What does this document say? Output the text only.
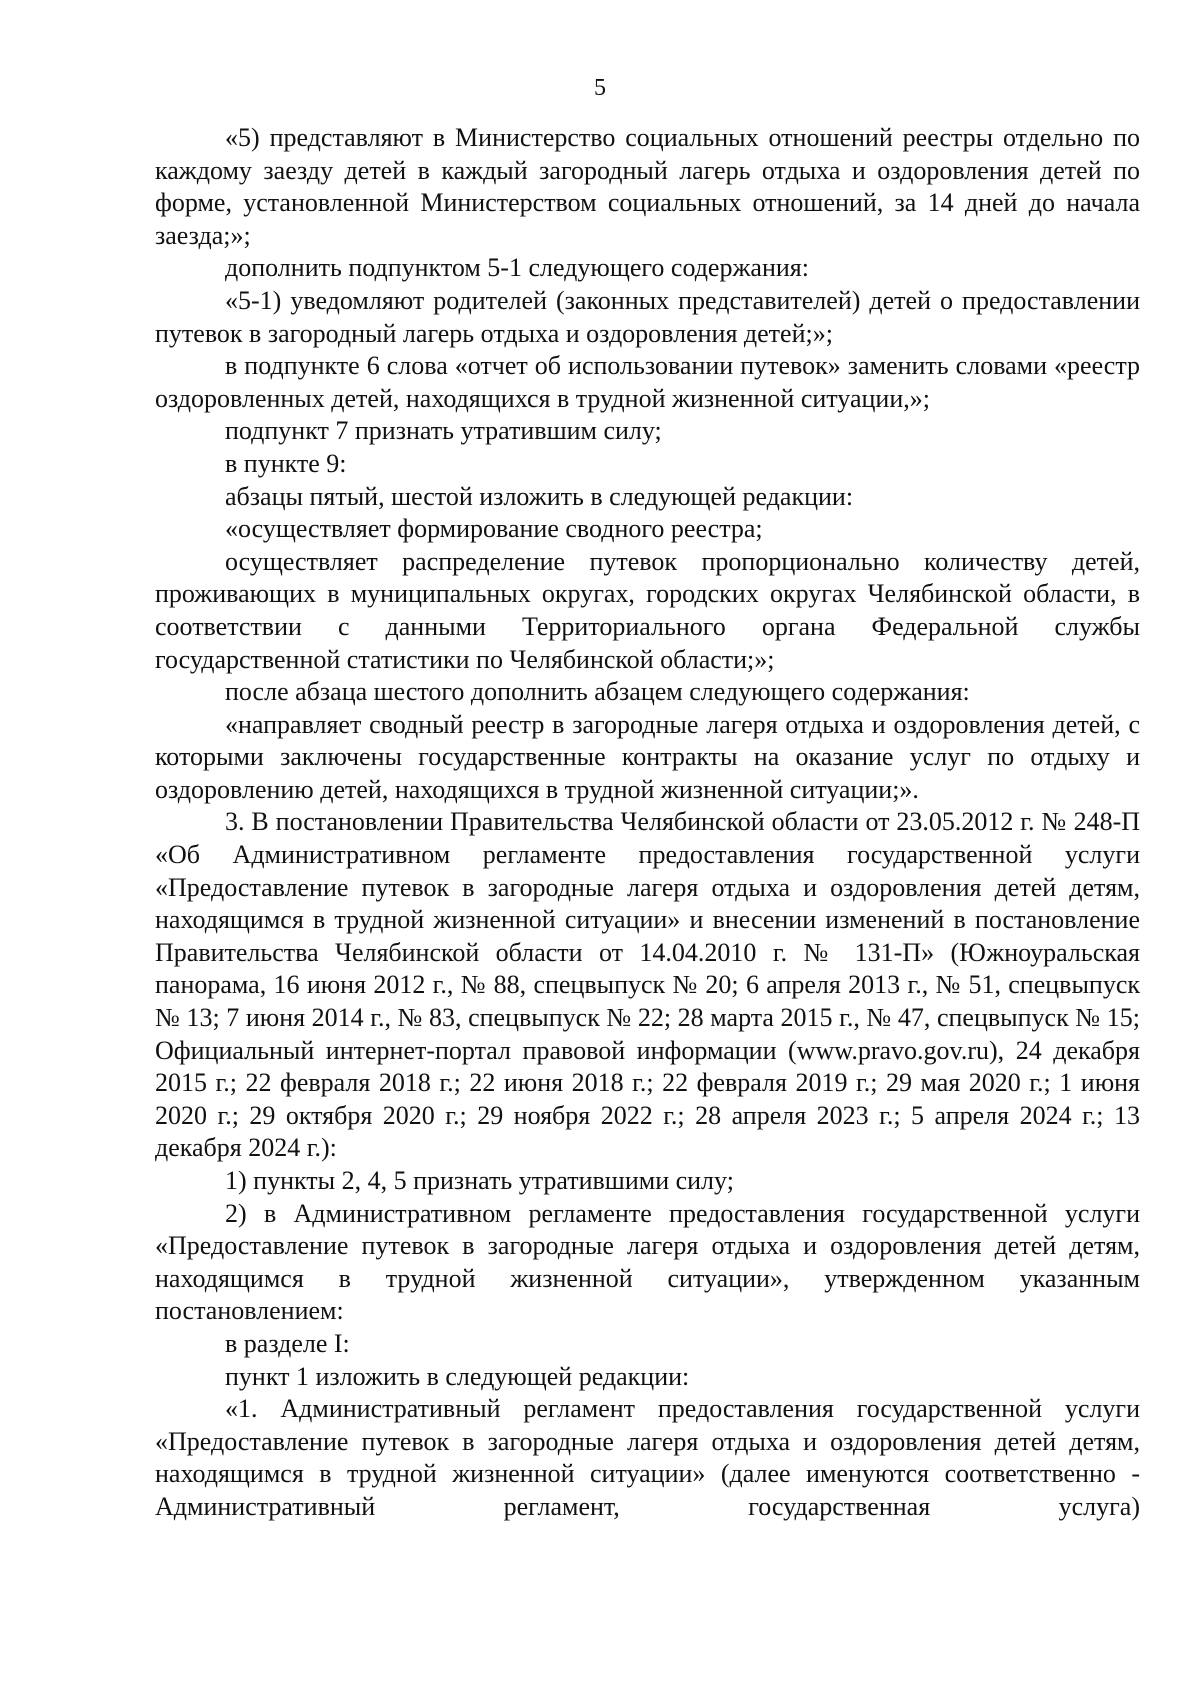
5

«5) представляют в Министерство социальных отношений реестры отдельно по каждому заезду детей в каждый загородный лагерь отдыха и оздоровления детей по форме, установленной Министерством социальных отношений, за 14 дней до начала заезда;»;

дополнить подпунктом 5-1 следующего содержания:

«5-1) уведомляют родителей (законных представителей) детей о предоставлении путевок в загородный лагерь отдыха и оздоровления детей;»;

в подпункте 6 слова «отчет об использовании путевок» заменить словами «реестр оздоровленных детей, находящихся в трудной жизненной ситуации,»;

подпункт 7 признать утратившим силу;

в пункте 9:

абзацы пятый, шестой изложить в следующей редакции:

«осуществляет формирование сводного реестра;

осуществляет распределение путевок пропорционально количеству детей, проживающих в муниципальных округах, городских округах Челябинской области, в соответствии с данными Территориального органа Федеральной службы государственной статистики по Челябинской области;»;

после абзаца шестого дополнить абзацем следующего содержания:

«направляет сводный реестр в загородные лагеря отдыха и оздоровления детей, с которыми заключены государственные контракты на оказание услуг по отдыху и оздоровлению детей, находящихся в трудной жизненной ситуации;».

3. В постановлении Правительства Челябинской области от 23.05.2012 г. № 248-П «Об Административном регламенте предоставления государственной услуги «Предоставление путевок в загородные лагеря отдыха и оздоровления детей детям, находящимся в трудной жизненной ситуации» и внесении изменений в постановление Правительства Челябинской области от 14.04.2010 г. № 131-П» (Южноуральская панорама, 16 июня 2012 г., № 88, спецвыпуск № 20; 6 апреля 2013 г., № 51, спецвыпуск № 13; 7 июня 2014 г., № 83, спецвыпуск № 22; 28 марта 2015 г., № 47, спецвыпуск № 15; Официальный интернет-портал правовой информации (www.pravo.gov.ru), 24 декабря 2015 г.; 22 февраля 2018 г.; 22 июня 2018 г.; 22 февраля 2019 г.; 29 мая 2020 г.; 1 июня 2020 г.; 29 октября 2020 г.; 29 ноября 2022 г.; 28 апреля 2023 г.; 5 апреля 2024 г.; 13 декабря 2024 г.):

1) пункты 2, 4, 5 признать утратившими силу;

2) в Административном регламенте предоставления государственной услуги «Предоставление путевок в загородные лагеря отдыха и оздоровления детей детям, находящимся в трудной жизненной ситуации», утвержденном указанным постановлением:

в разделе I:

пункт 1 изложить в следующей редакции:

«1. Административный регламент предоставления государственной услуги «Предоставление путевок в загородные лагеря отдыха и оздоровления детей детям, находящимся в трудной жизненной ситуации» (далее именуются соответственно - Административный регламент, государственная услуга)
